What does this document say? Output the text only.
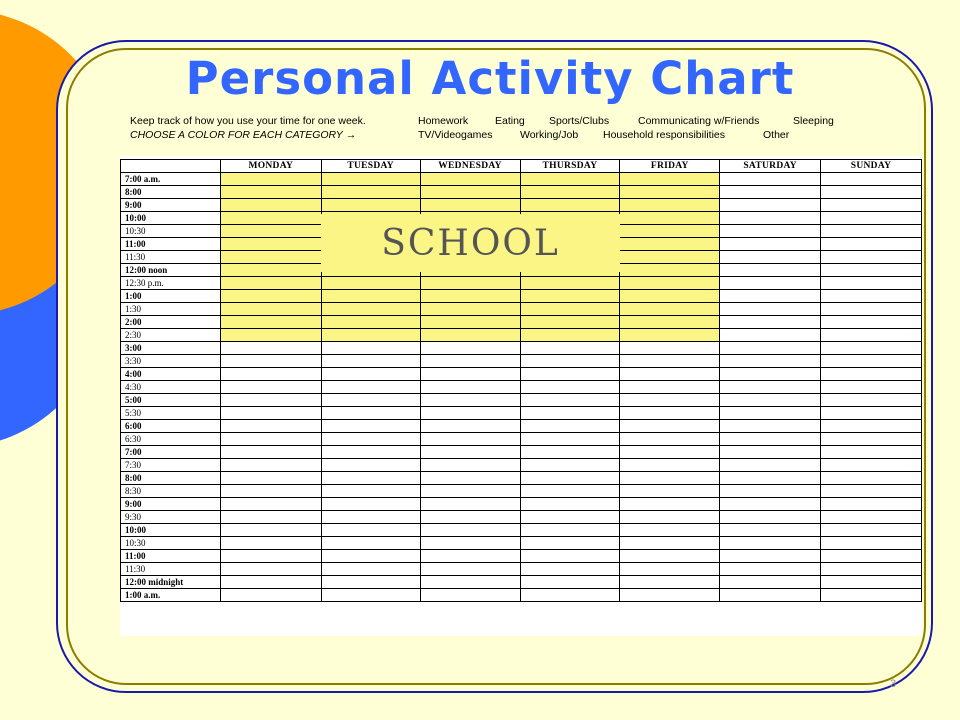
Personal Activity Chart
Keep track of how you use your time for one week.
CHOOSE A COLOR FOR EACH CATEGORY →
Homework	Eating Sports/Clubs	Communicating w/Friends	Sleeping
TV/Videogames	Working/Job Household responsibilities	Other
	MONDAY	TUESDAY	WEDNESDAY	THURSDAY	FRIDAY	SATURDAY	SUNDAY
7:00 a.m.							
8:00							
9:00							
10:00							
10:30							
11:00							
11:30							
12:00 noon							
12:30 p.m.							
1:00							
1:30							
2:00							
2:30							
3:00							
3:30							
4:00							
4:30							
5:00							
5:30							
6:00							
6:30							
7:00							
7:30							
8:00							
8:30							
9:00							
9:30							
10:00							
10:30							
11:00							
11:30							
12:00 midnight							
1:00 a.m.							
SCHOOL
3
